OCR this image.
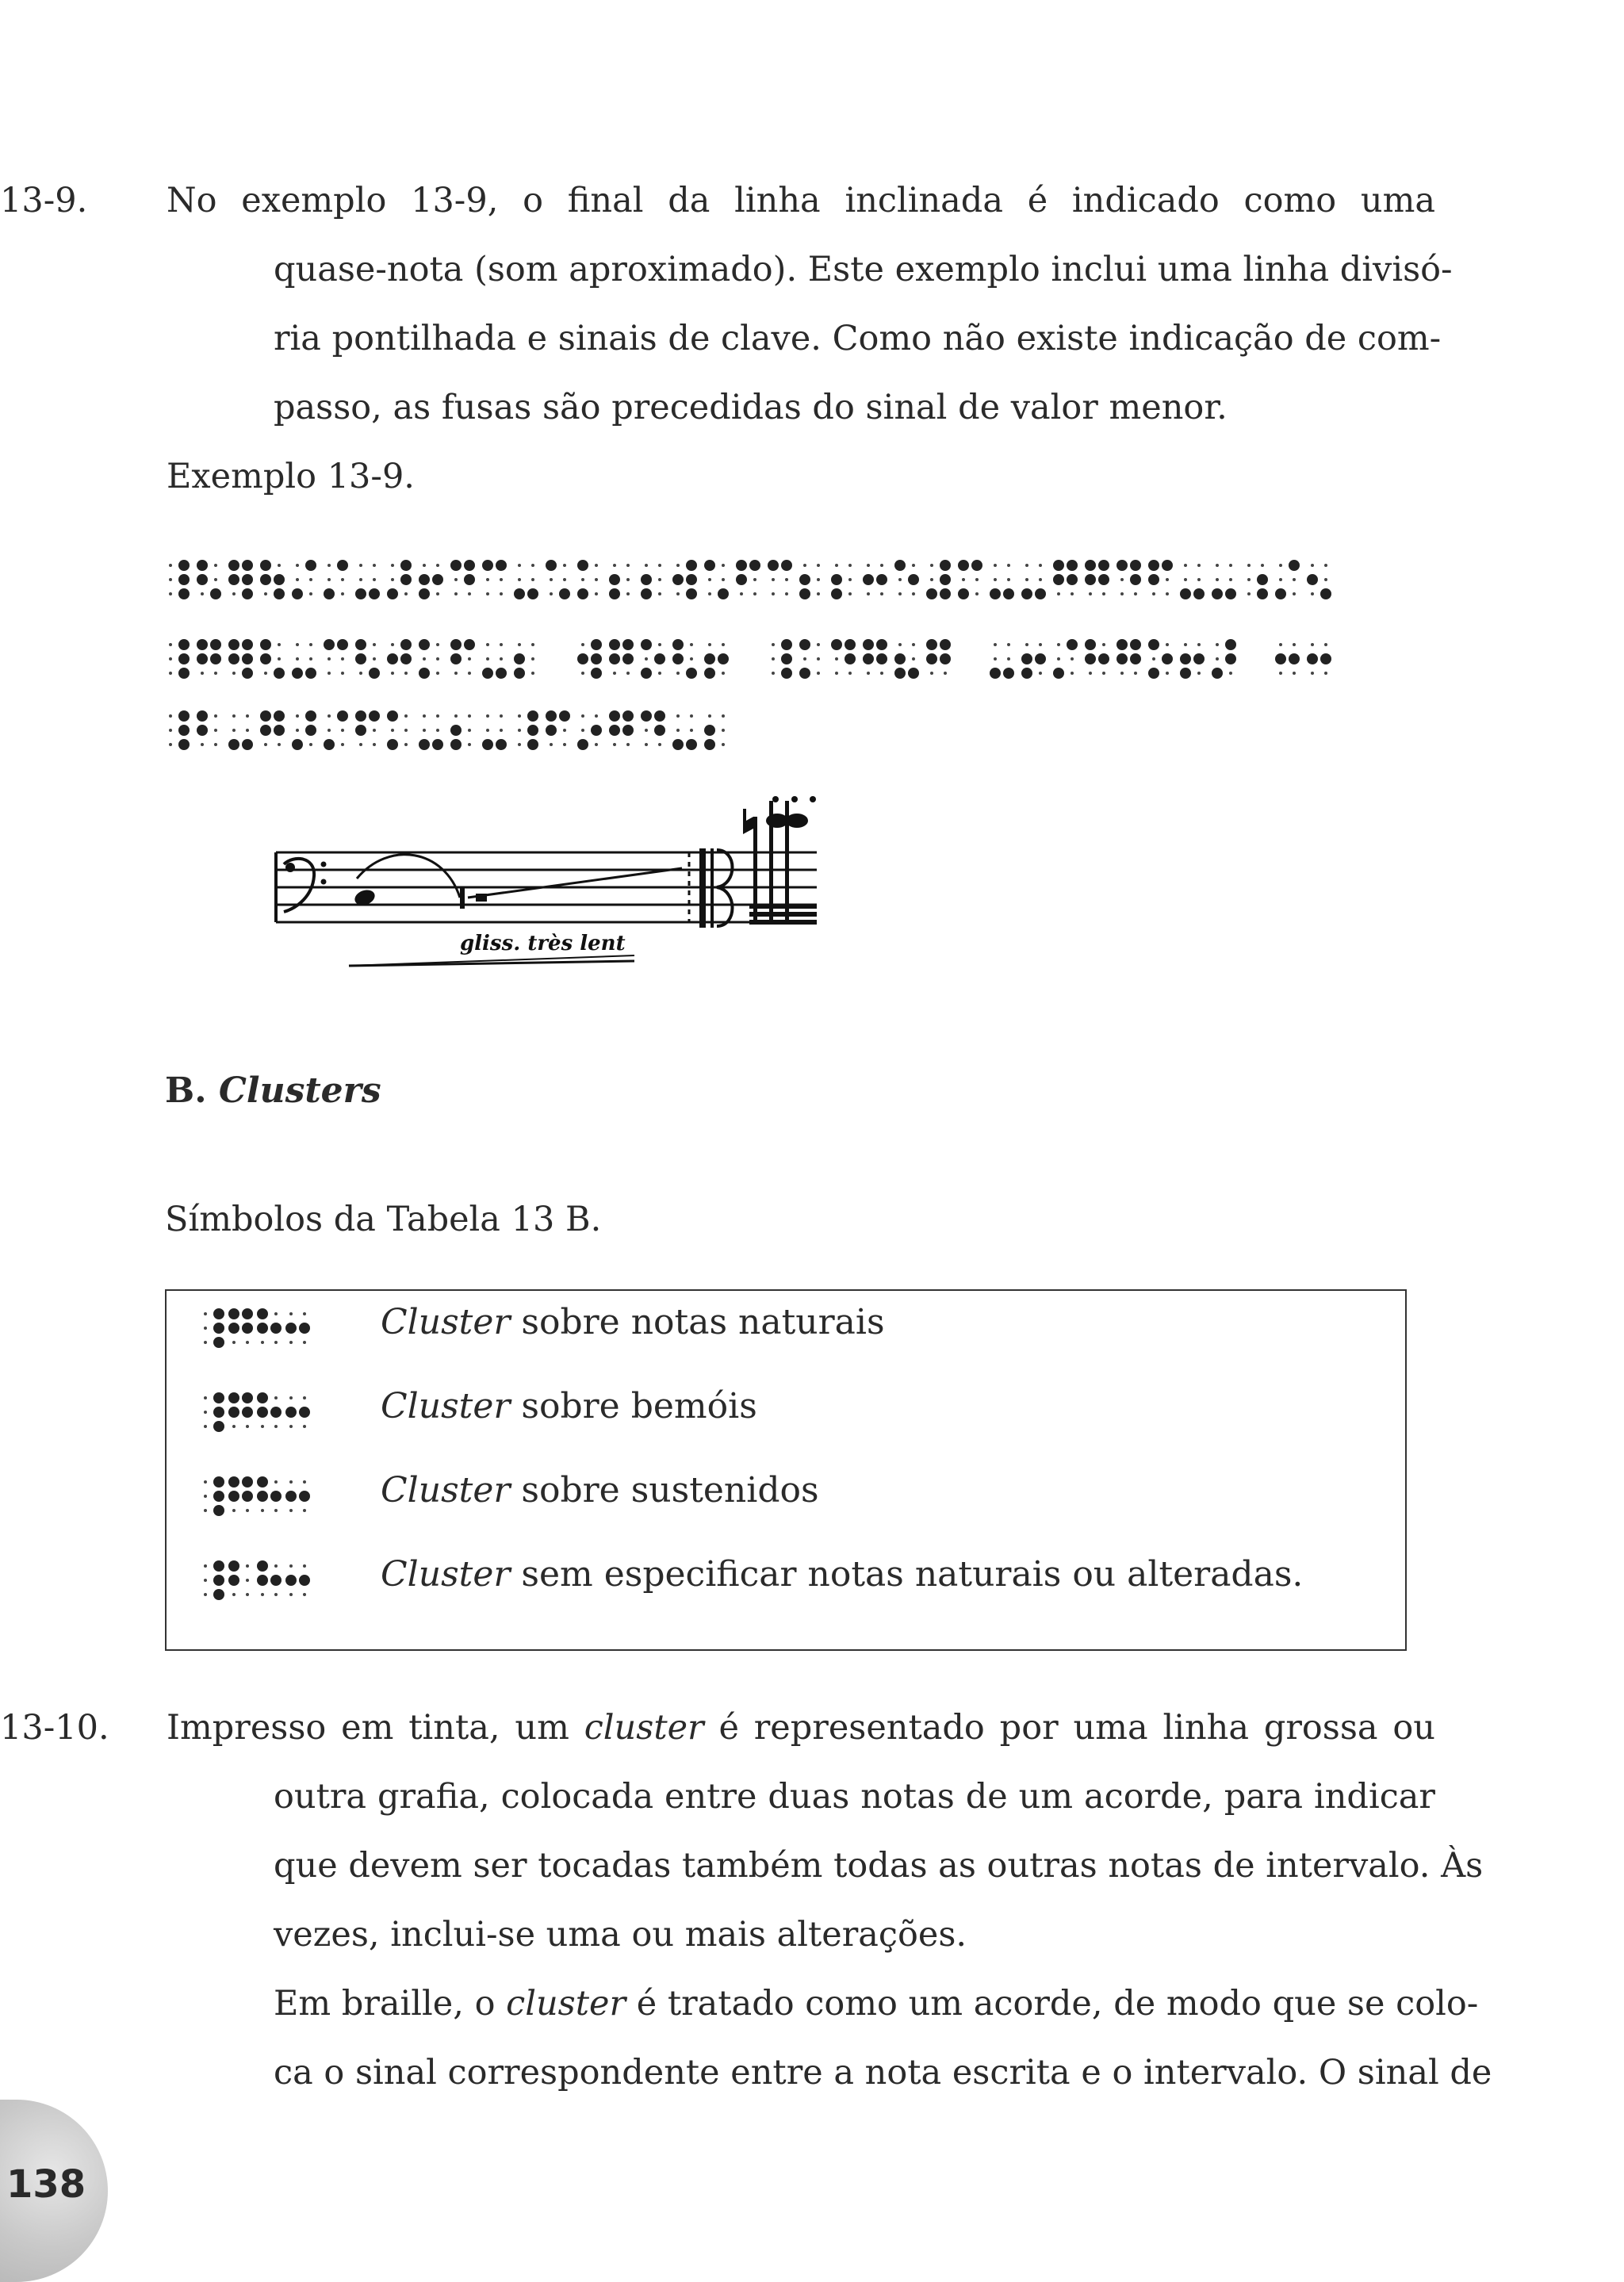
13-9. No exemplo 13-9, o final da linha inclinada é indicado como uma
quase-nota (som aproximado). Este exemplo inclui uma linha divisó-
ria pontilhada e sinais de clave. Como não existe indicação de com-
passo, as fusas são precedidas do sinal de valor menor.
Exemplo 13-9.
gliss. très lent
B. Clusters
Símbolos da Tabela 13 B.
Cluster sobre notas naturais
Cluster sobre bemóis
Cluster sobre sustenidos
Cluster sem especificar notas naturais ou alteradas.
13-10. Impresso em tinta, um cluster é representado por uma linha grossa ou
outra grafia, colocada entre duas notas de um acorde, para indicar
que devem ser tocadas também todas as outras notas de intervalo. Às
vezes, inclui-se uma ou mais alterações.
Em braille, o cluster é tratado como um acorde, de modo que se colo-
ca o sinal correspondente entre a nota escrita e o intervalo. O sinal de
138
